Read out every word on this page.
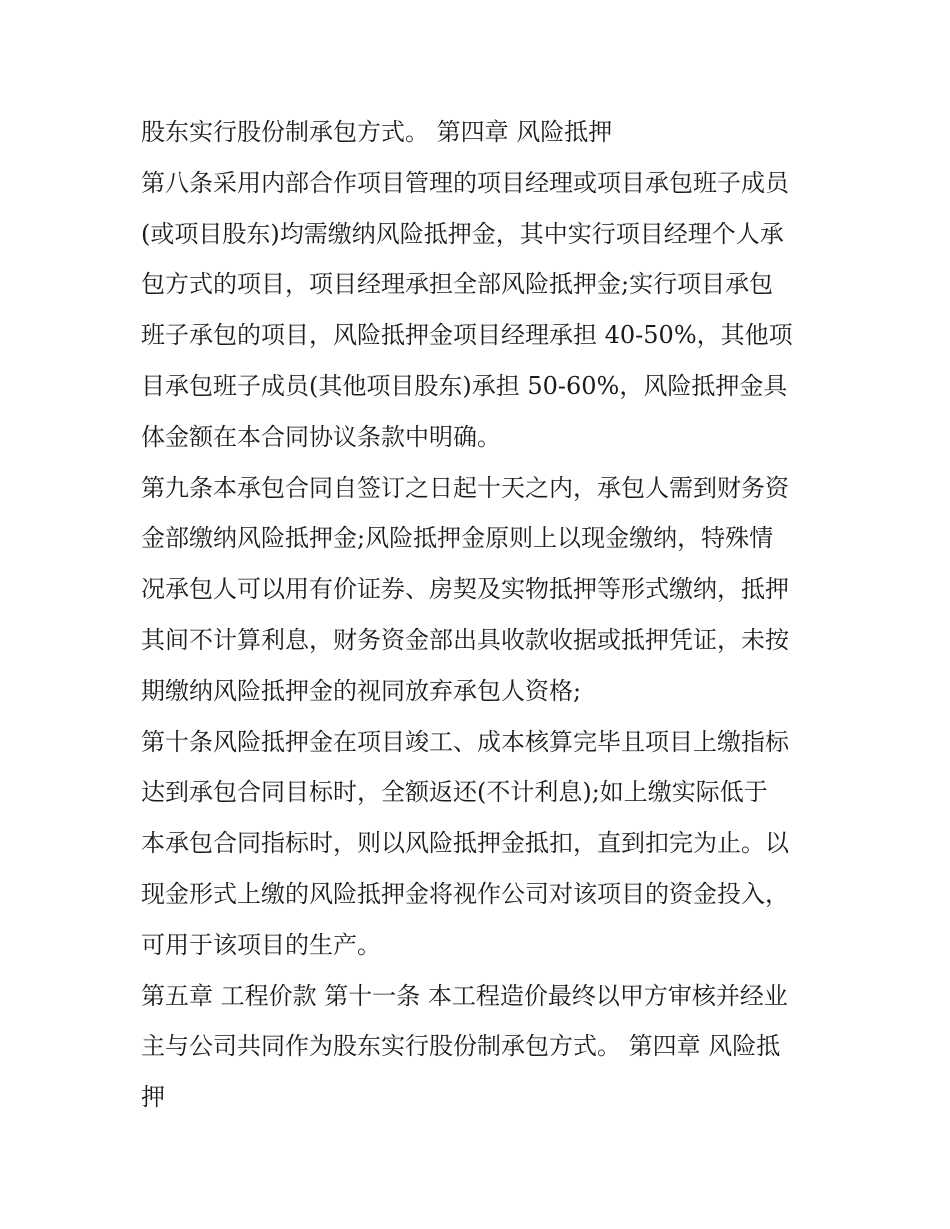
股东实行股份制承包方式。 第四章 风险抵押
第八条采用内部合作项目管理的项目经理或项目承包班子成员
(或项目股东)均需缴纳风险抵押金，其中实行项目经理个人承
包方式的项目，项目经理承担全部风险抵押金;实行项目承包
班子承包的项目，风险抵押金项目经理承担 40-50%，其他项
目承包班子成员(其他项目股东)承担 50-60%，风险抵押金具
体金额在本合同协议条款中明确。
第九条本承包合同自签订之日起十天之内，承包人需到财务资
金部缴纳风险抵押金;风险抵押金原则上以现金缴纳，特殊情
况承包人可以用有价证券、房契及实物抵押等形式缴纳，抵押
其间不计算利息，财务资金部出具收款收据或抵押凭证，未按
期缴纳风险抵押金的视同放弃承包人资格;
第十条风险抵押金在项目竣工、成本核算完毕且项目上缴指标
达到承包合同目标时，全额返还(不计利息);如上缴实际低于
本承包合同指标时，则以风险抵押金抵扣，直到扣完为止。以
现金形式上缴的风险抵押金将视作公司对该项目的资金投入，
可用于该项目的生产。
第五章 工程价款 第十一条 本工程造价最终以甲方审核并经业
主与公司共同作为股东实行股份制承包方式。 第四章 风险抵
押
